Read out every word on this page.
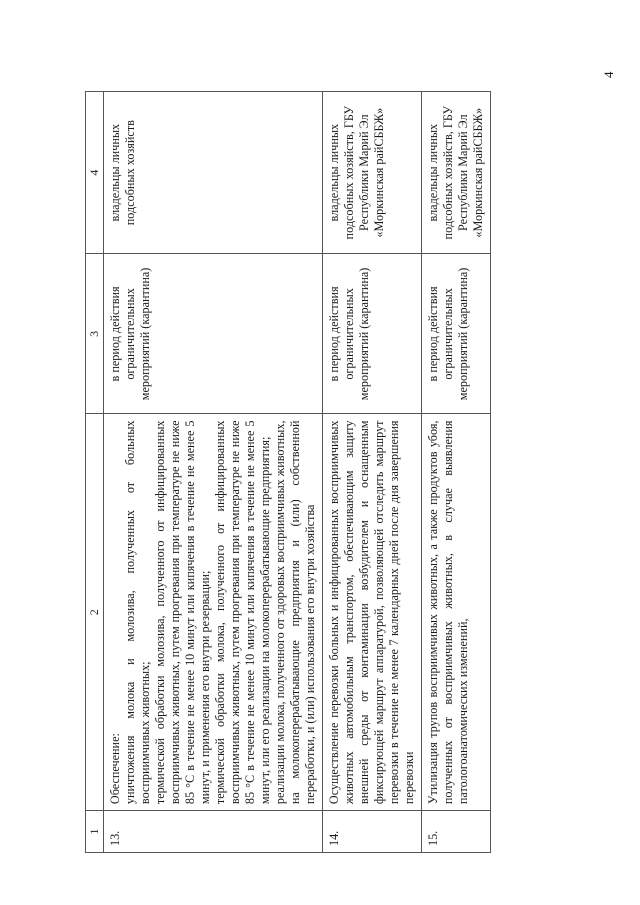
4
1	2	3	4
13.	Обеспечение: уничтожения молока и молозива, полученных от больных восприимчивых животных; термической обработки молозива, полученного от инфицированных восприимчивых животных, путем прогревания при температуре не ниже 85 °С в течение не менее 10 минут или кипячения в течение не менее 5 минут, и применения его внутри резервации; термической обработки молока, полученного от инфицированных восприимчивых животных, путем прогревания при температуре не ниже 85 °С в течение не менее 10 минут или кипячения в течение не менее 5 минут, или его реализации на молокоперерабатывающие предприятия; реализации молока, полученного от здоровых восприимчивых животных, на молокоперерабатывающие предприятия и (или) собственной переработки, и (или) использования его внутри хозяйства	в период действия ограничительных мероприятий (карантина)	владельцы личных подсобных хозяйств
14.	Осуществление перевозки больных и инфицированных восприимчивых животных автомобильным транспортом, обеспечивающим защиту внешней среды от контаминации возбудителем и оснащенным фиксирующей маршрут аппаратурой, позволяющей отследить маршрут перевозки в течение не менее 7 календарных дней после дня завершения перевозки	в период действия ограничительных мероприятий (карантина)	владельцы личных подсобных хозяйств, ГБУ Республики Марий Эл «Моркинская райСББЖ»
15.	Утилизация трупов восприимчивых животных, а также продуктов убоя, полученных от восприимчивых животных, в случае выявления патологоанатомических изменений,	в период действия ограничительных мероприятий (карантина)	владельцы личных подсобных хозяйств, ГБУ Республики Марий Эл «Моркинская райСББЖ»
